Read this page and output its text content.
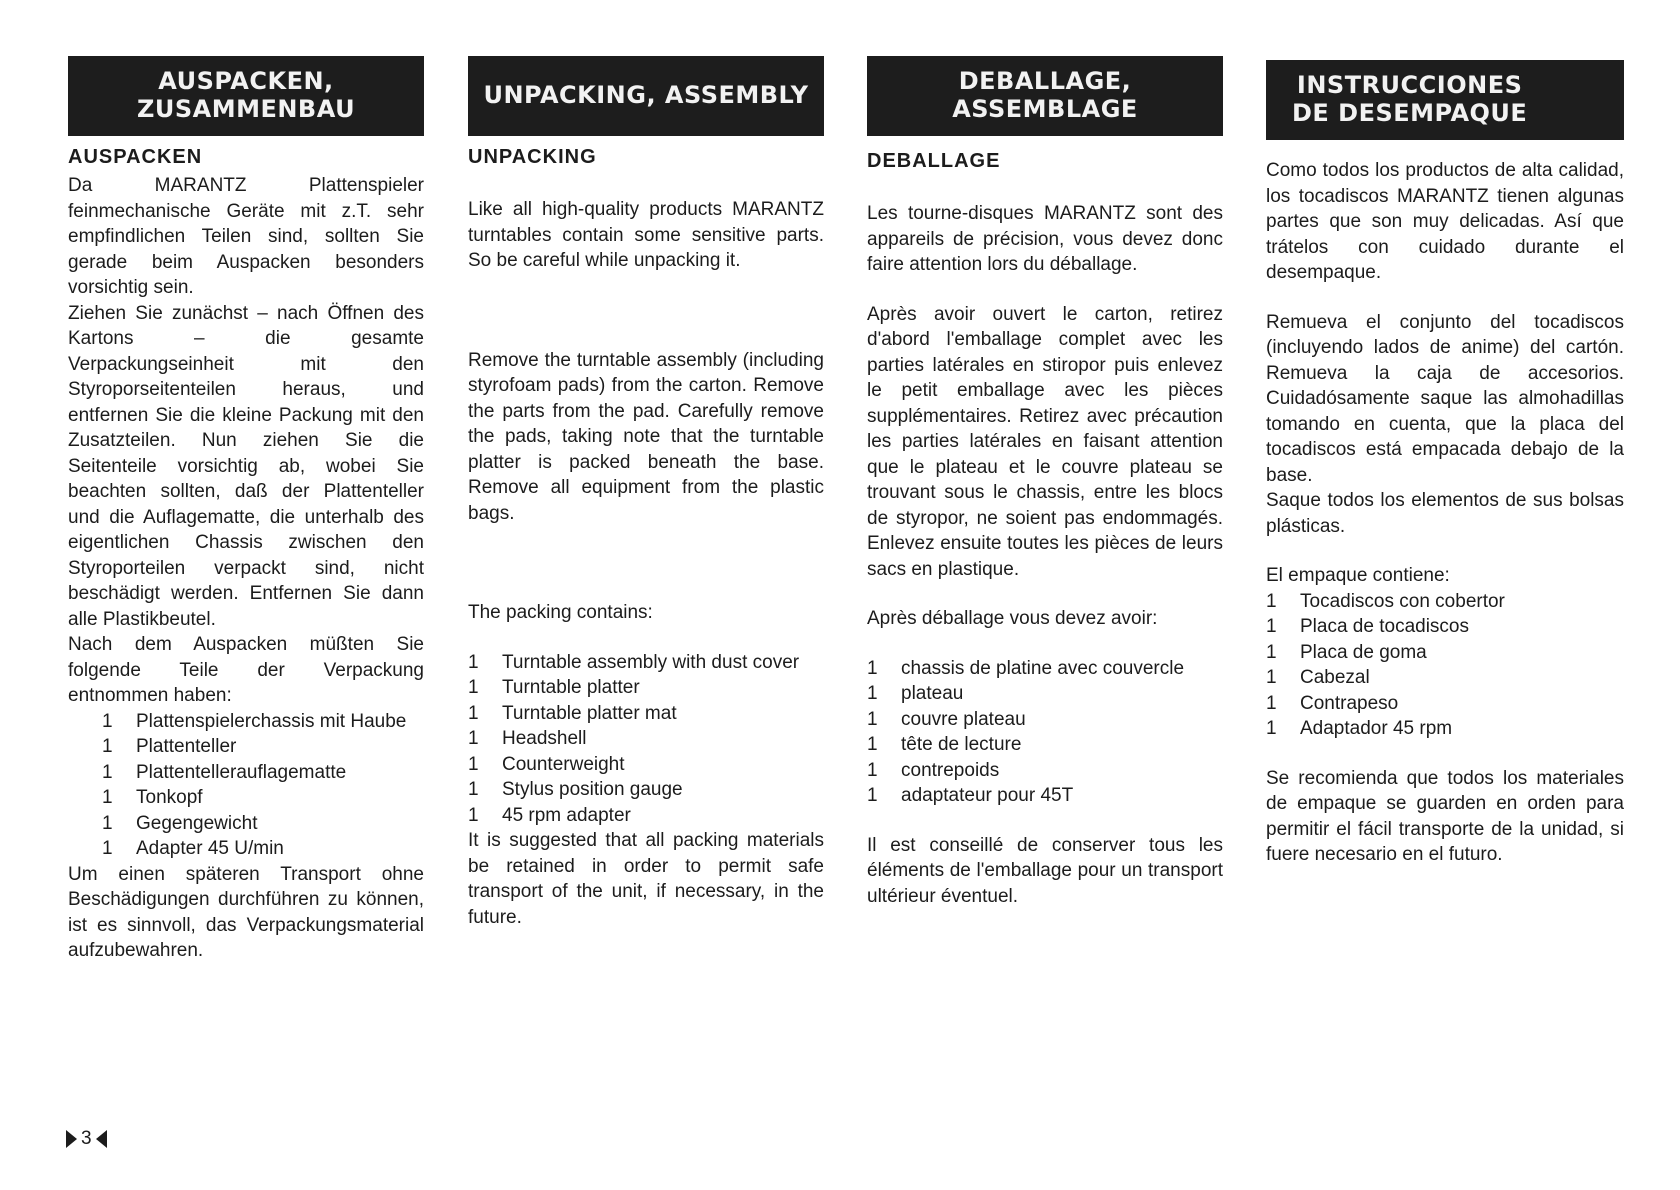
AUSPACKEN, ZUSAMMENBAU
AUSPACKEN

Da MARANTZ Plattenspieler feinmechanische Geräte mit z.T. sehr empfindlichen Teilen sind, sollten Sie gerade beim Auspacken besonders vorsichtig sein.

Ziehen Sie zunächst – nach Öffnen des Kartons – die gesamte Verpackungseinheit mit den Styroporseitenteilen heraus, und entfernen Sie die kleine Packung mit den Zusatzteilen. Nun ziehen Sie die Seitenteile vorsichtig ab, wobei Sie beachten sollten, daß der Plattenteller und die Auflagematte, die unterhalb des eigentlichen Chassis zwischen den Styroporteilen verpackt sind, nicht beschädigt werden. Entfernen Sie dann alle Plastikbeutel.

Nach dem Auspacken müßten Sie folgende Teile der Verpackung entnommen haben:

1	Plattenspielerchassis mit Haube
1	Plattenteller
1	Plattentellerauflagematte
1	Tonkopf
1	Gegengewicht
1	Adapter 45 U/min

Um einen späteren Transport ohne Beschädigungen durchführen zu können, ist es sinnvoll, das Verpackungsmaterial aufzubewahren.

UNPACKING, ASSEMBLY
UNPACKING

Like all high-quality products MARANTZ turntables contain some sensitive parts. So be careful while unpacking it.

Remove the turntable assembly (including styrofoam pads) from the carton. Remove the parts from the pad. Carefully remove the pads, taking note that the turntable platter is packed beneath the base. Remove all equipment from the plastic bags.

The packing contains:

1	Turntable assembly with dust cover
1	Turntable platter
1	Turntable platter mat
1	Headshell
1	Counterweight
1	Stylus position gauge
1	45 rpm adapter

It is suggested that all packing materials be retained in order to permit safe transport of the unit, if necessary, in the future.

DEBALLAGE, ASSEMBLAGE
DEBALLAGE

Les tourne-disques MARANTZ sont des appareils de précision, vous devez donc faire attention lors du déballage.

Après avoir ouvert le carton, retirez d'abord l'emballage complet avec les parties latérales en stiropor puis enlevez le petit emballage avec les pièces supplémentaires. Retirez avec précaution les parties latérales en faisant attention que le plateau et le couvre plateau se trouvant sous le chassis, entre les blocs de styropor, ne soient pas endommagés. Enlevez ensuite toutes les pièces de leurs sacs en plastique.

Après déballage vous devez avoir:

1	chassis de platine avec couvercle
1	plateau
1	couvre plateau
1	tête de lecture
1	contrepoids
1	adaptateur pour 45T

Il est conseillé de conserver tous les éléments de l'emballage pour un transport ultérieur éventuel.

INSTRUCCIONES
DE DESEMPAQUE

Como todos los productos de alta calidad, los tocadiscos MARANTZ tienen algunas partes que son muy delicadas. Así que trátelos con cuidado durante el desempaque.

Remueva el conjunto del tocadiscos (incluyendo lados de anime) del cartón. Remueva la caja de accesorios. Cuidadósamente saque las almohadillas tomando en cuenta, que la placa del tocadiscos está empacada debajo de la base.

Saque todos los elementos de sus bolsas plásticas.

El empaque contiene:

1	Tocadiscos con cobertor
1	Placa de tocadiscos
1	Placa de goma
1	Cabezal
1	Contrapeso
1	Adaptador 45 rpm

Se recomienda que todos los materiales de empaque se guarden en orden para permitir el fácil transporte de la unidad, si fuere necesario en el futuro.

3
